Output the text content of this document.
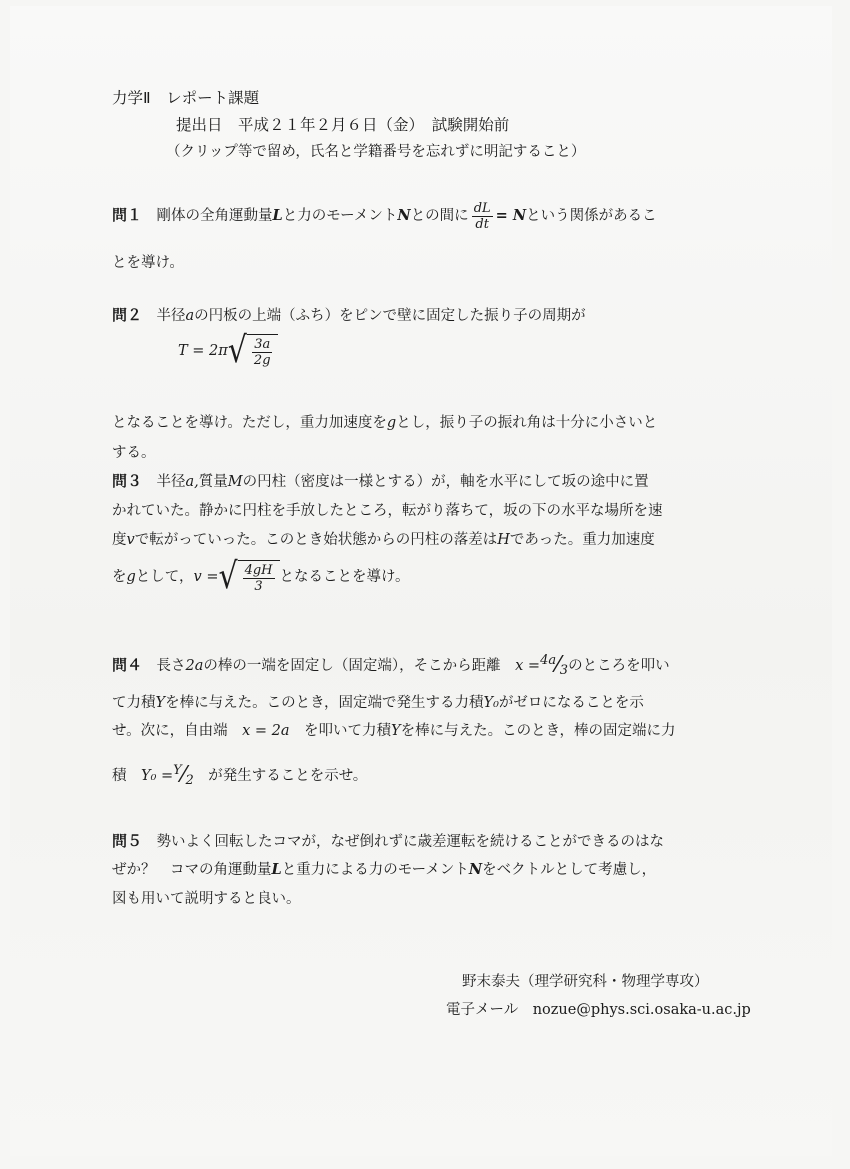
力学Ⅱ　レポート課題
提出日　平成２１年２月６日（金）　試験開始前
（クリップ等で留め，氏名と学籍番号を忘れずに明記すること）
問１　 剛体の全角運動量Lと力のモーメントNとの間に $\frac{dL}{dt} = N$という関係があるこ
とを導け。
問２　 半径aの円板の上端（ふち）をピンで壁に固定した振り子の周期が
T = 2π √ $\frac{3a}{2g}$
となることを導け。ただし，重力加速度をgとし，振り子の振れ角は十分に小さいと
する。
問３　 半径a,質量Mの円柱（密度は一様とする）が，軸を水平にして坂の途中に置
かれていた。静かに円柱を手放したところ，転がり落ちて，坂の下の水平な場所を速
度vで転がっていった。このとき始状態からの円柱の落差はHであった。重力加速度
をgとして，v = √ $\frac{4gH}{3}$ となることを導け。
問４　 長さ2aの棒の一端を固定し（固定端），そこから距離　 x =4a⁄3のところを叩い
て力積Yを棒に与えた。このとき，固定端で発生する力積Y₀がゼロになることを示
せ。次に，自由端　 x = 2a　 を叩いて力積Yを棒に与えた。このとき，棒の固定端に力
積　 Y₀ =Y⁄2　 が発生することを示せ。
問５　 勢いよく回転したコマが，なぜ倒れずに歳差運転を続けることができるのはな
ぜか？　コマの角運動量Lと重力による力のモーメントNをベクトルとして考慮し，
図も用いて説明すると良い。
野末泰夫（理学研究科・物理学専攻）
電子メール　 nozue@phys.sci.osaka-u.ac.jp
